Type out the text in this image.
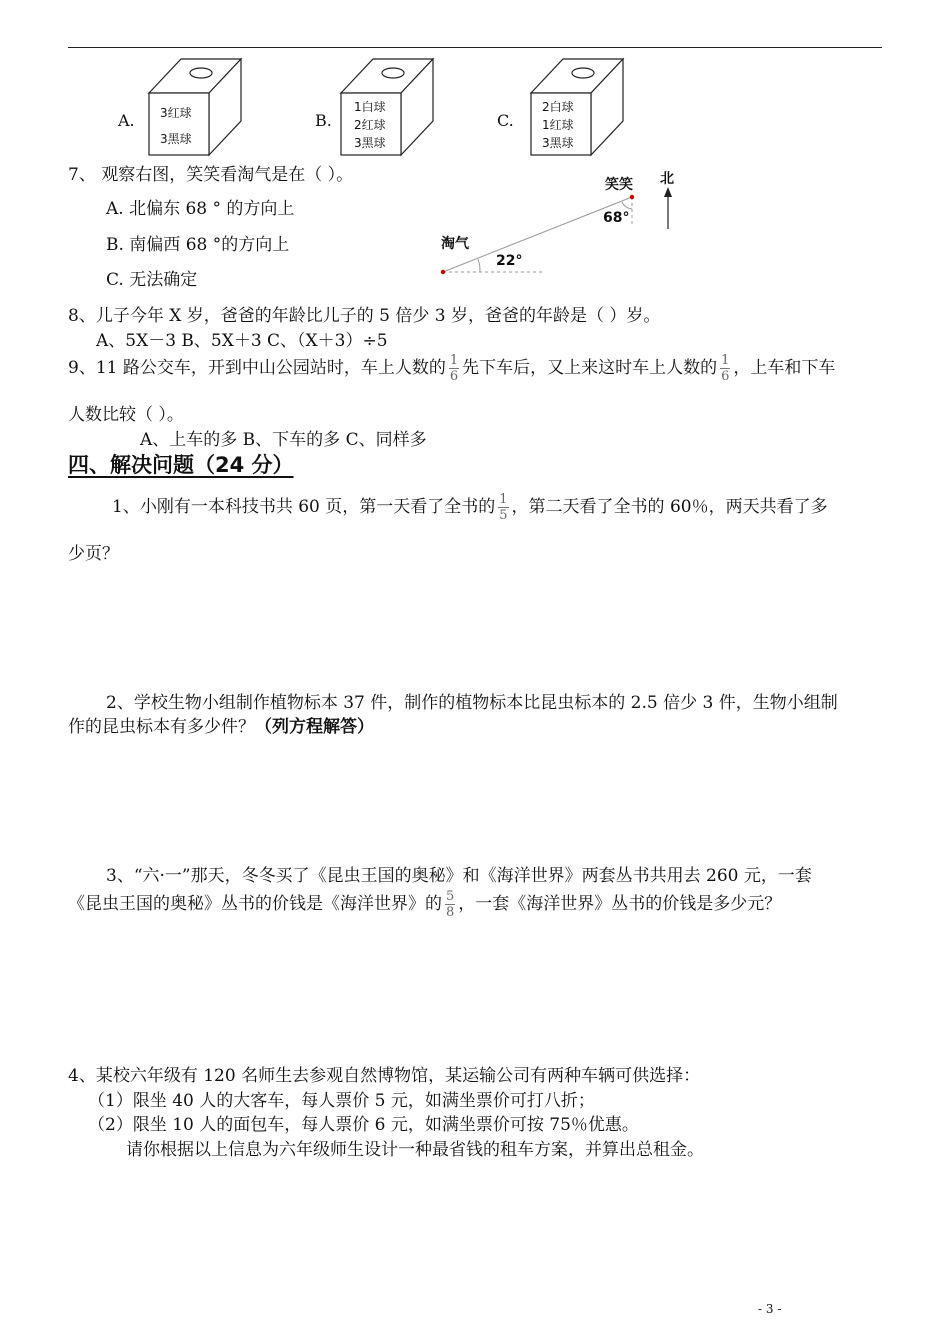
A. 3红球
3黑球
B.
1白球
2红球
3黑球
C.
2白球
1红球
3黑球
7、 观察右图，笑笑看淘气是在（ ）。
A. 北偏东 68 ° 的方向上
B. 南偏西 68 °的方向上
C. 无法确定
笑笑 北
68°
淘气
22°
8、儿子今年 X 岁，爸爸的年龄比儿子的 5 倍少 3 岁，爸爸的年龄是（ ）岁。
A、5X－3 B、5X＋3 C、（X＋3）÷5
9、11 路公交车，开到中山公园站时，车上人数的 $\frac{1}{6}$ 先下车后，又上来这时车上人数的 $\frac{1}{6}$ ，上车和下车
人数比较（ ）。
A、上车的多 B、下车的多 C、同样多
四、解决问题（24 分）
1、小刚有一本科技书共 60 页，第一天看了全书的 $\frac{1}{5}$ ，第二天看了全书的 60％，两天共看了多
少页？
2、学校生物小组制作植物标本 37 件，制作的植物标本比昆虫标本的 2.5 倍少 3 件，生物小组制
作的昆虫标本有多少件？（列方程解答）
3、“六·一”那天，冬冬买了《昆虫王国的奥秘》和《海洋世界》两套丛书共用去 260 元，一套
《昆虫王国的奥秘》丛书的价钱是《海洋世界》的 $\frac{5}{8}$ ，一套《海洋世界》丛书的价钱是多少元？
4、某校六年级有 120 名师生去参观自然博物馆，某运输公司有两种车辆可供选择：
（1）限坐 40 人的大客车，每人票价 5 元，如满坐票价可打八折；
（2）限坐 10 人的面包车，每人票价 6 元，如满坐票价可按 75％优惠。
请你根据以上信息为六年级师生设计一种最省钱的租车方案，并算出总租金。
- 3 -
